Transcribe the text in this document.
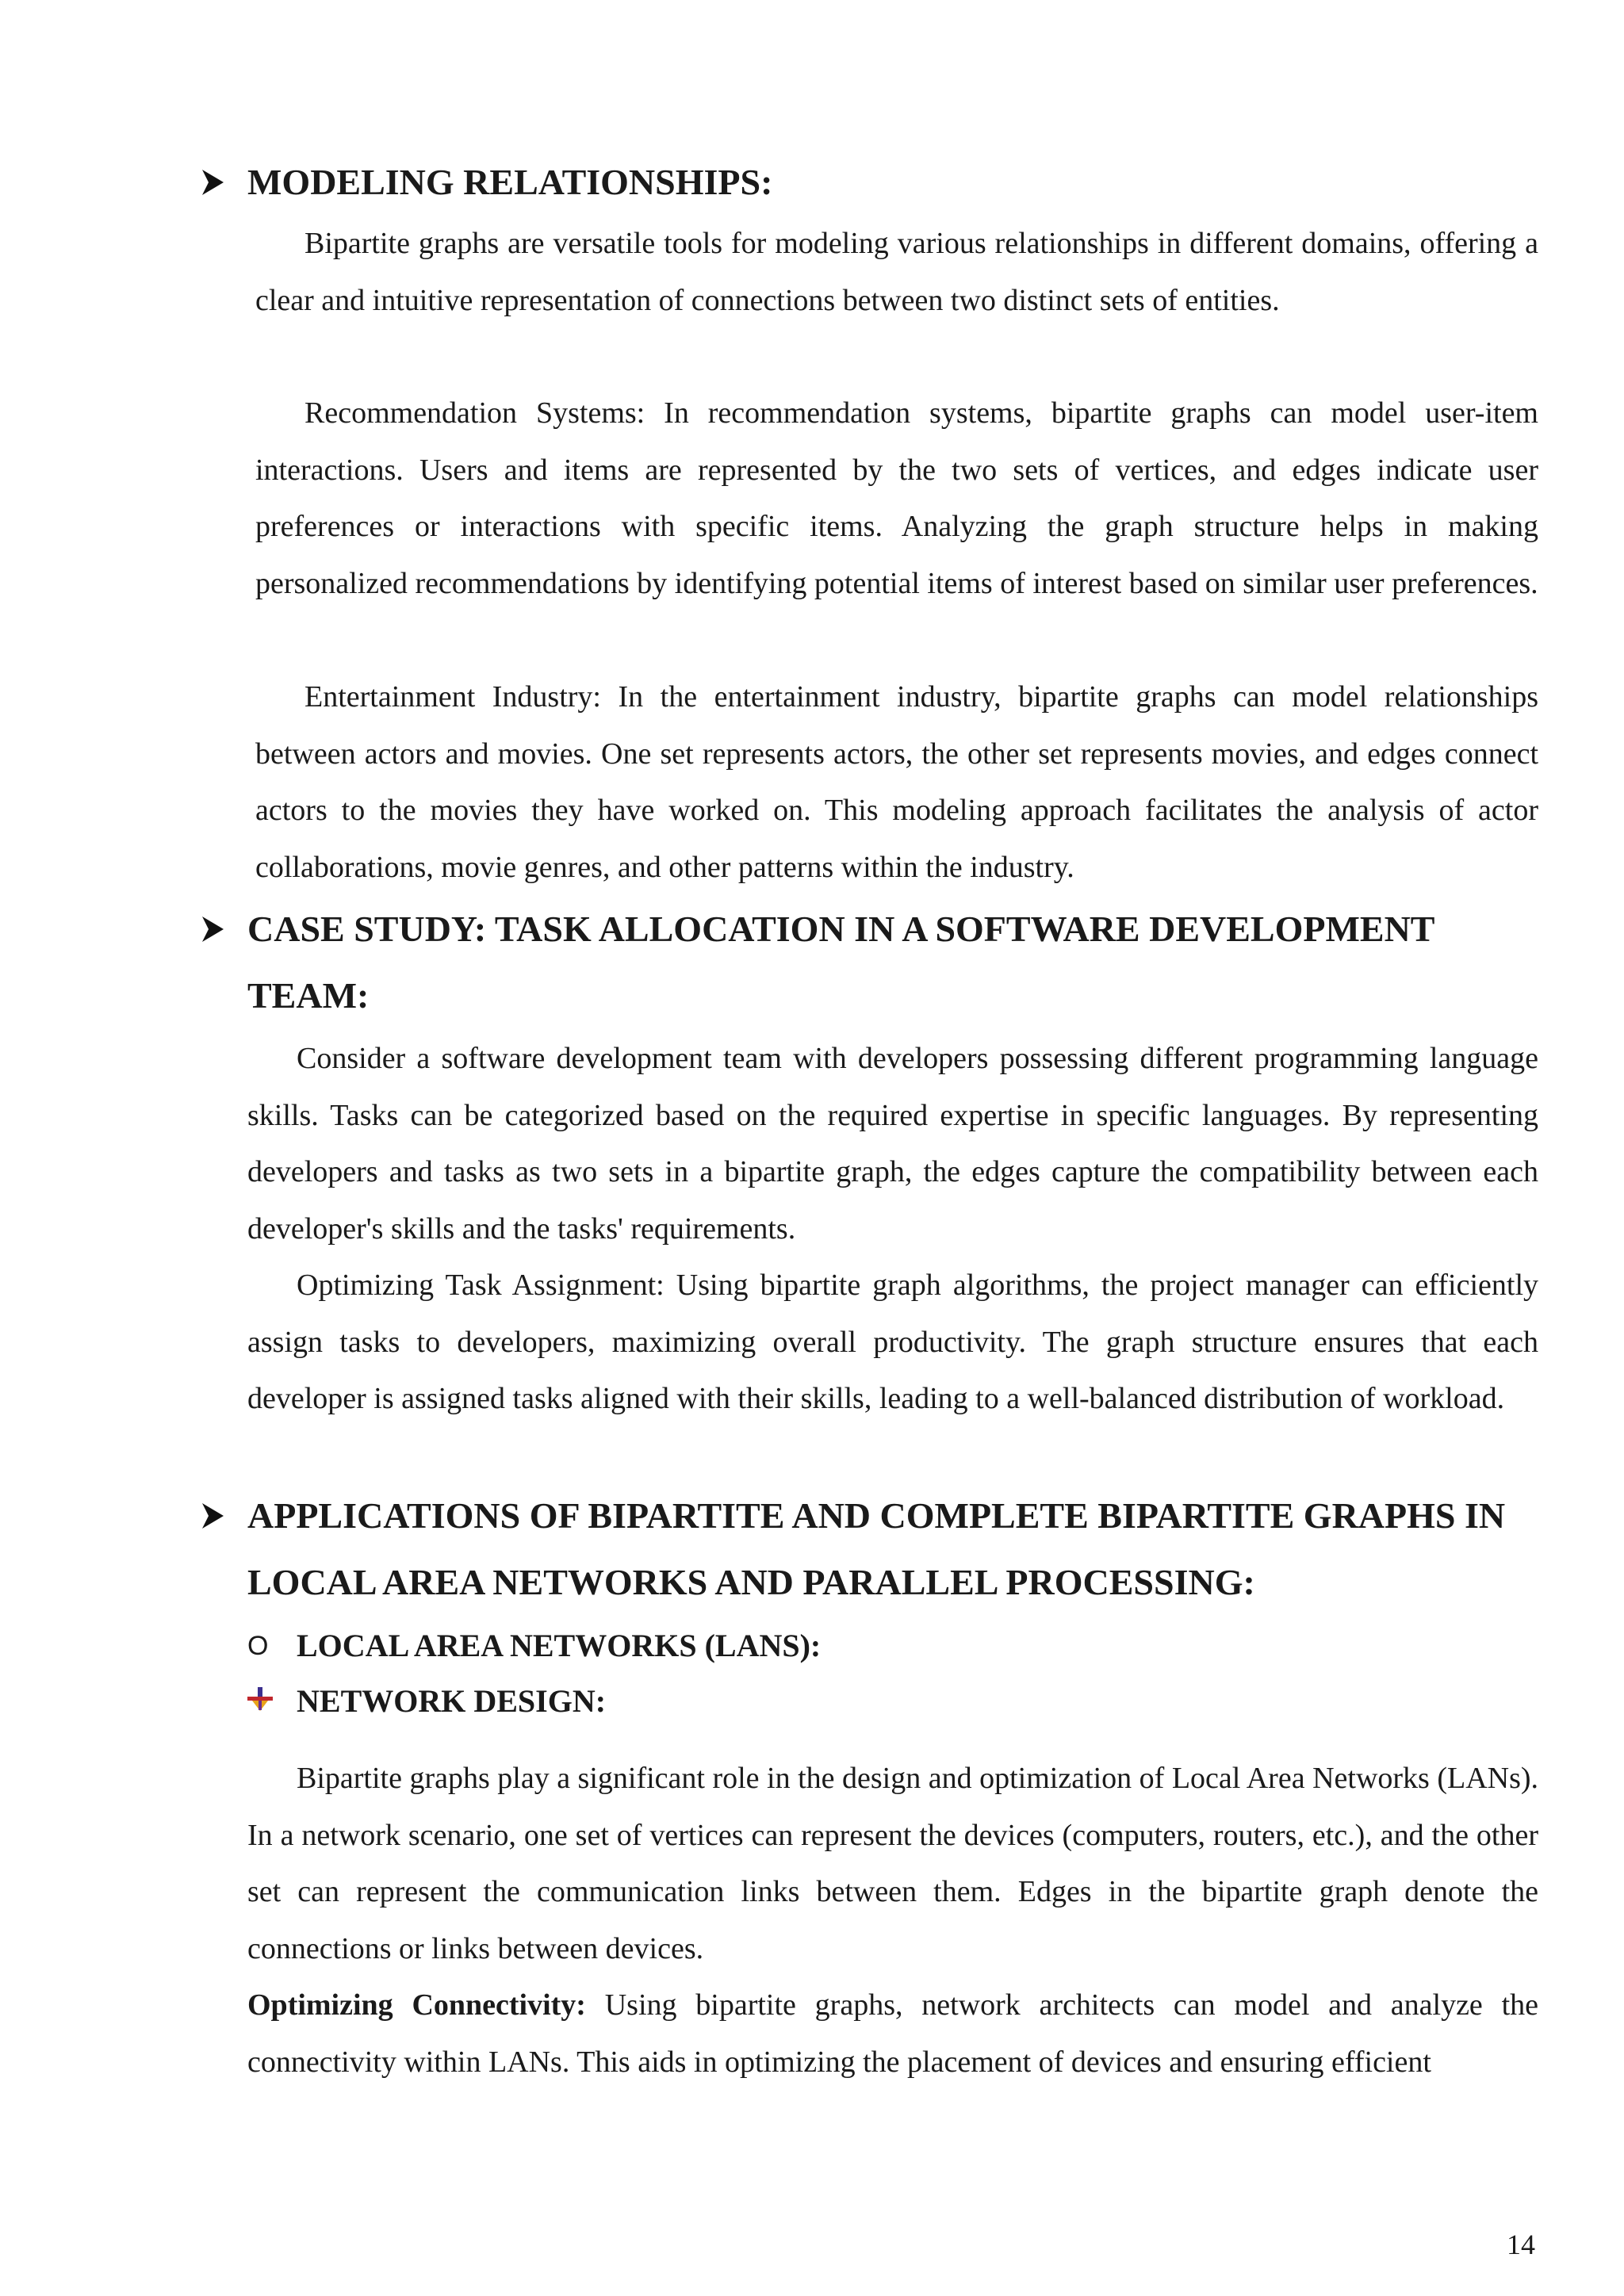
MODELING RELATIONSHIPS:
Bipartite graphs are versatile tools for modeling various relationships in different domains, offering a clear and intuitive representation of connections between two distinct sets of entities.
Recommendation Systems: In recommendation systems, bipartite graphs can model user-item interactions. Users and items are represented by the two sets of vertices, and edges indicate user preferences or interactions with specific items. Analyzing the graph structure helps in making personalized recommendations by identifying potential items of interest based on similar user preferences.
Entertainment Industry: In the entertainment industry, bipartite graphs can model relationships between actors and movies. One set represents actors, the other set represents movies, and edges connect actors to the movies they have worked on. This modeling approach facilitates the analysis of actor collaborations, movie genres, and other patterns within the industry.
CASE STUDY: TASK ALLOCATION IN A SOFTWARE DEVELOPMENT TEAM:
Consider a software development team with developers possessing different programming language skills. Tasks can be categorized based on the required expertise in specific languages. By representing developers and tasks as two sets in a bipartite graph, the edges capture the compatibility between each developer's skills and the tasks' requirements.
Optimizing Task Assignment: Using bipartite graph algorithms, the project manager can efficiently assign tasks to developers, maximizing overall productivity. The graph structure ensures that each developer is assigned tasks aligned with their skills, leading to a well-balanced distribution of workload.
APPLICATIONS OF BIPARTITE AND COMPLETE BIPARTITE GRAPHS IN LOCAL AREA NETWORKS AND PARALLEL PROCESSING:
O LOCAL AREA NETWORKS (LANS):
NETWORK DESIGN:
Bipartite graphs play a significant role in the design and optimization of Local Area Networks (LANs). In a network scenario, one set of vertices can represent the devices (computers, routers, etc.), and the other set can represent the communication links between them. Edges in the bipartite graph denote the connections or links between devices.
Optimizing Connectivity: Using bipartite graphs, network architects can model and analyze the connectivity within LANs. This aids in optimizing the placement of devices and ensuring efficient
14
